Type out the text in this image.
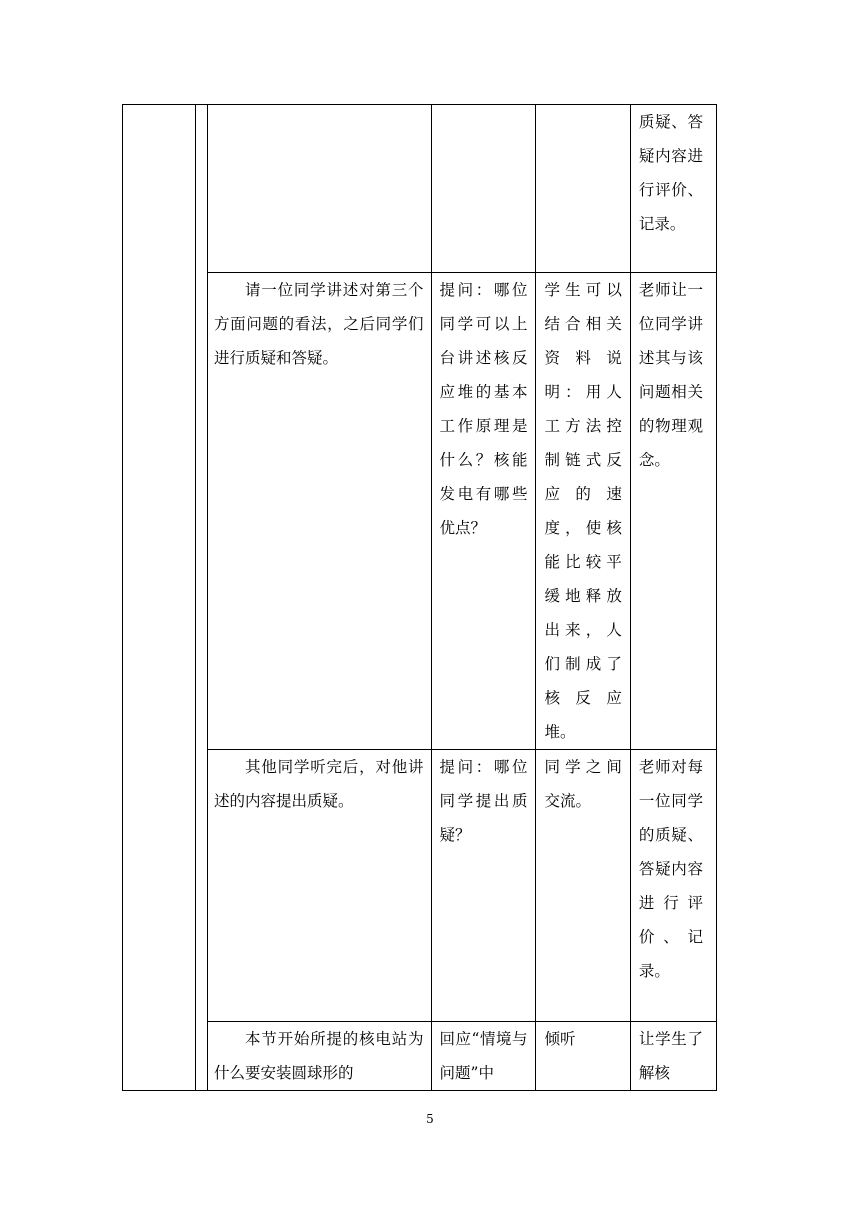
					质疑、答疑内容进行评价、记录。

		请一位同学讲述对第三个方面问题的看法，之后同学们进行质疑和答疑。	提问：哪位同学可以上台讲述核反应堆的基本工作原理是什么？核能发电有哪些优点？	学生可以结合相关资料说明：用人工方法控制链式反应的速度，使核能比较平缓地释放出来，人们制成了核反应堆。	老师让一位同学讲述其与该问题相关的物理观念。

		其他同学听完后，对他讲述的内容提出质疑。	提问：哪位同学提出质疑？	同学之间交流。	老师对每一位同学的质疑、答疑内容进行评价、记录。

		本节开始所提的核电站为什么要安装圆球形的	回应“情境与问题”中	倾听	让学生了解核
5
